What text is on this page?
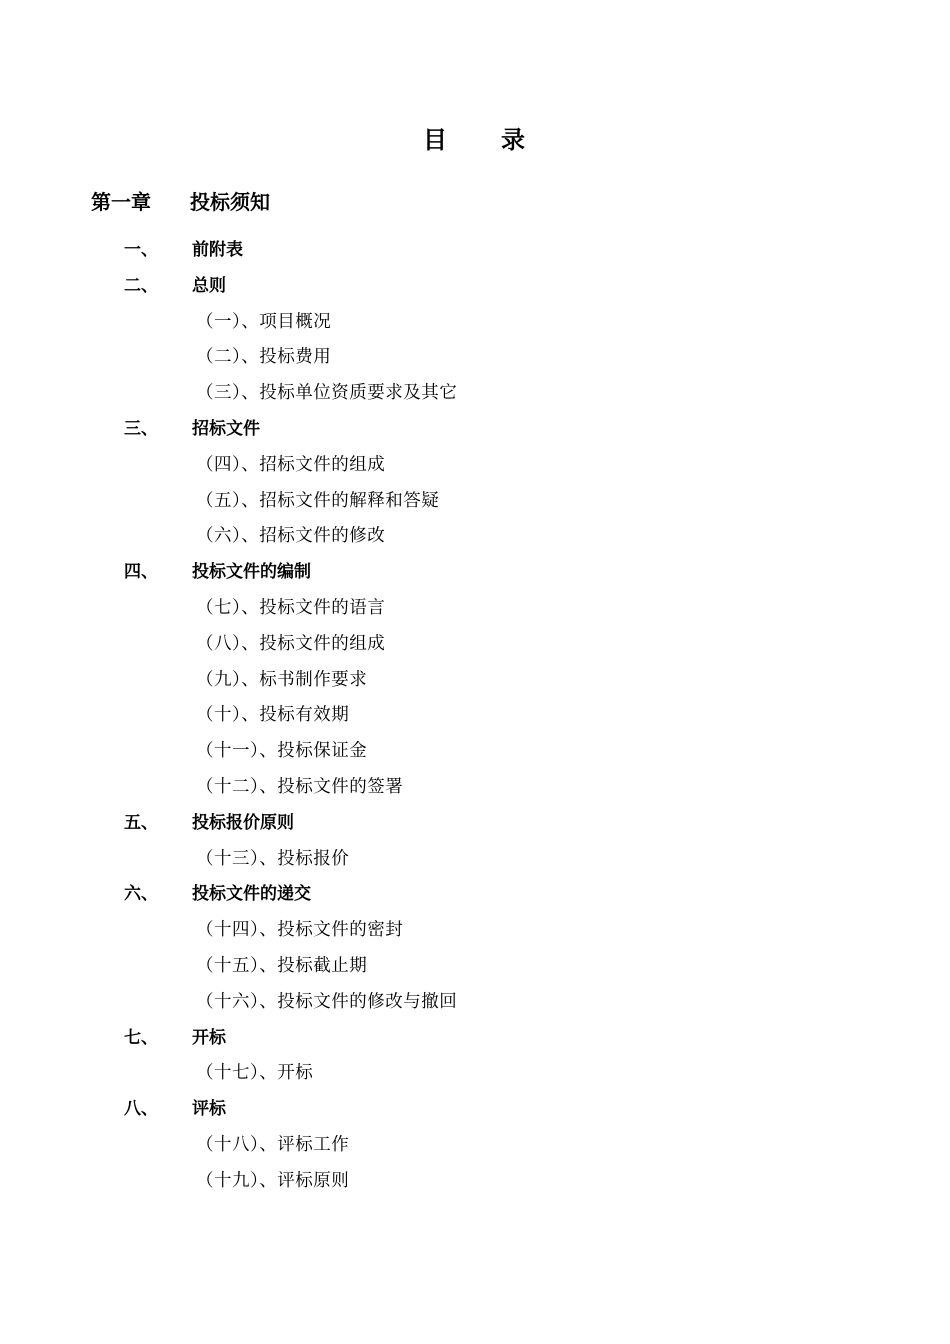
目 录
第一章 投标须知
一、 前附表
二、 总则
（一）、项目概况
（二）、投标费用
（三）、投标单位资质要求及其它
三、 招标文件
（四）、招标文件的组成
（五）、招标文件的解释和答疑
（六）、招标文件的修改
四、 投标文件的编制
（七）、投标文件的语言
（八）、投标文件的组成
（九）、标书制作要求
（十）、投标有效期
（十一）、投标保证金
（十二）、投标文件的签署
五、 投标报价原则
（十三）、投标报价
六、 投标文件的递交
（十四）、投标文件的密封
（十五）、投标截止期
（十六）、投标文件的修改与撤回
七、 开标
（十七）、开标
八、 评标
（十八）、评标工作
（十九）、评标原则
